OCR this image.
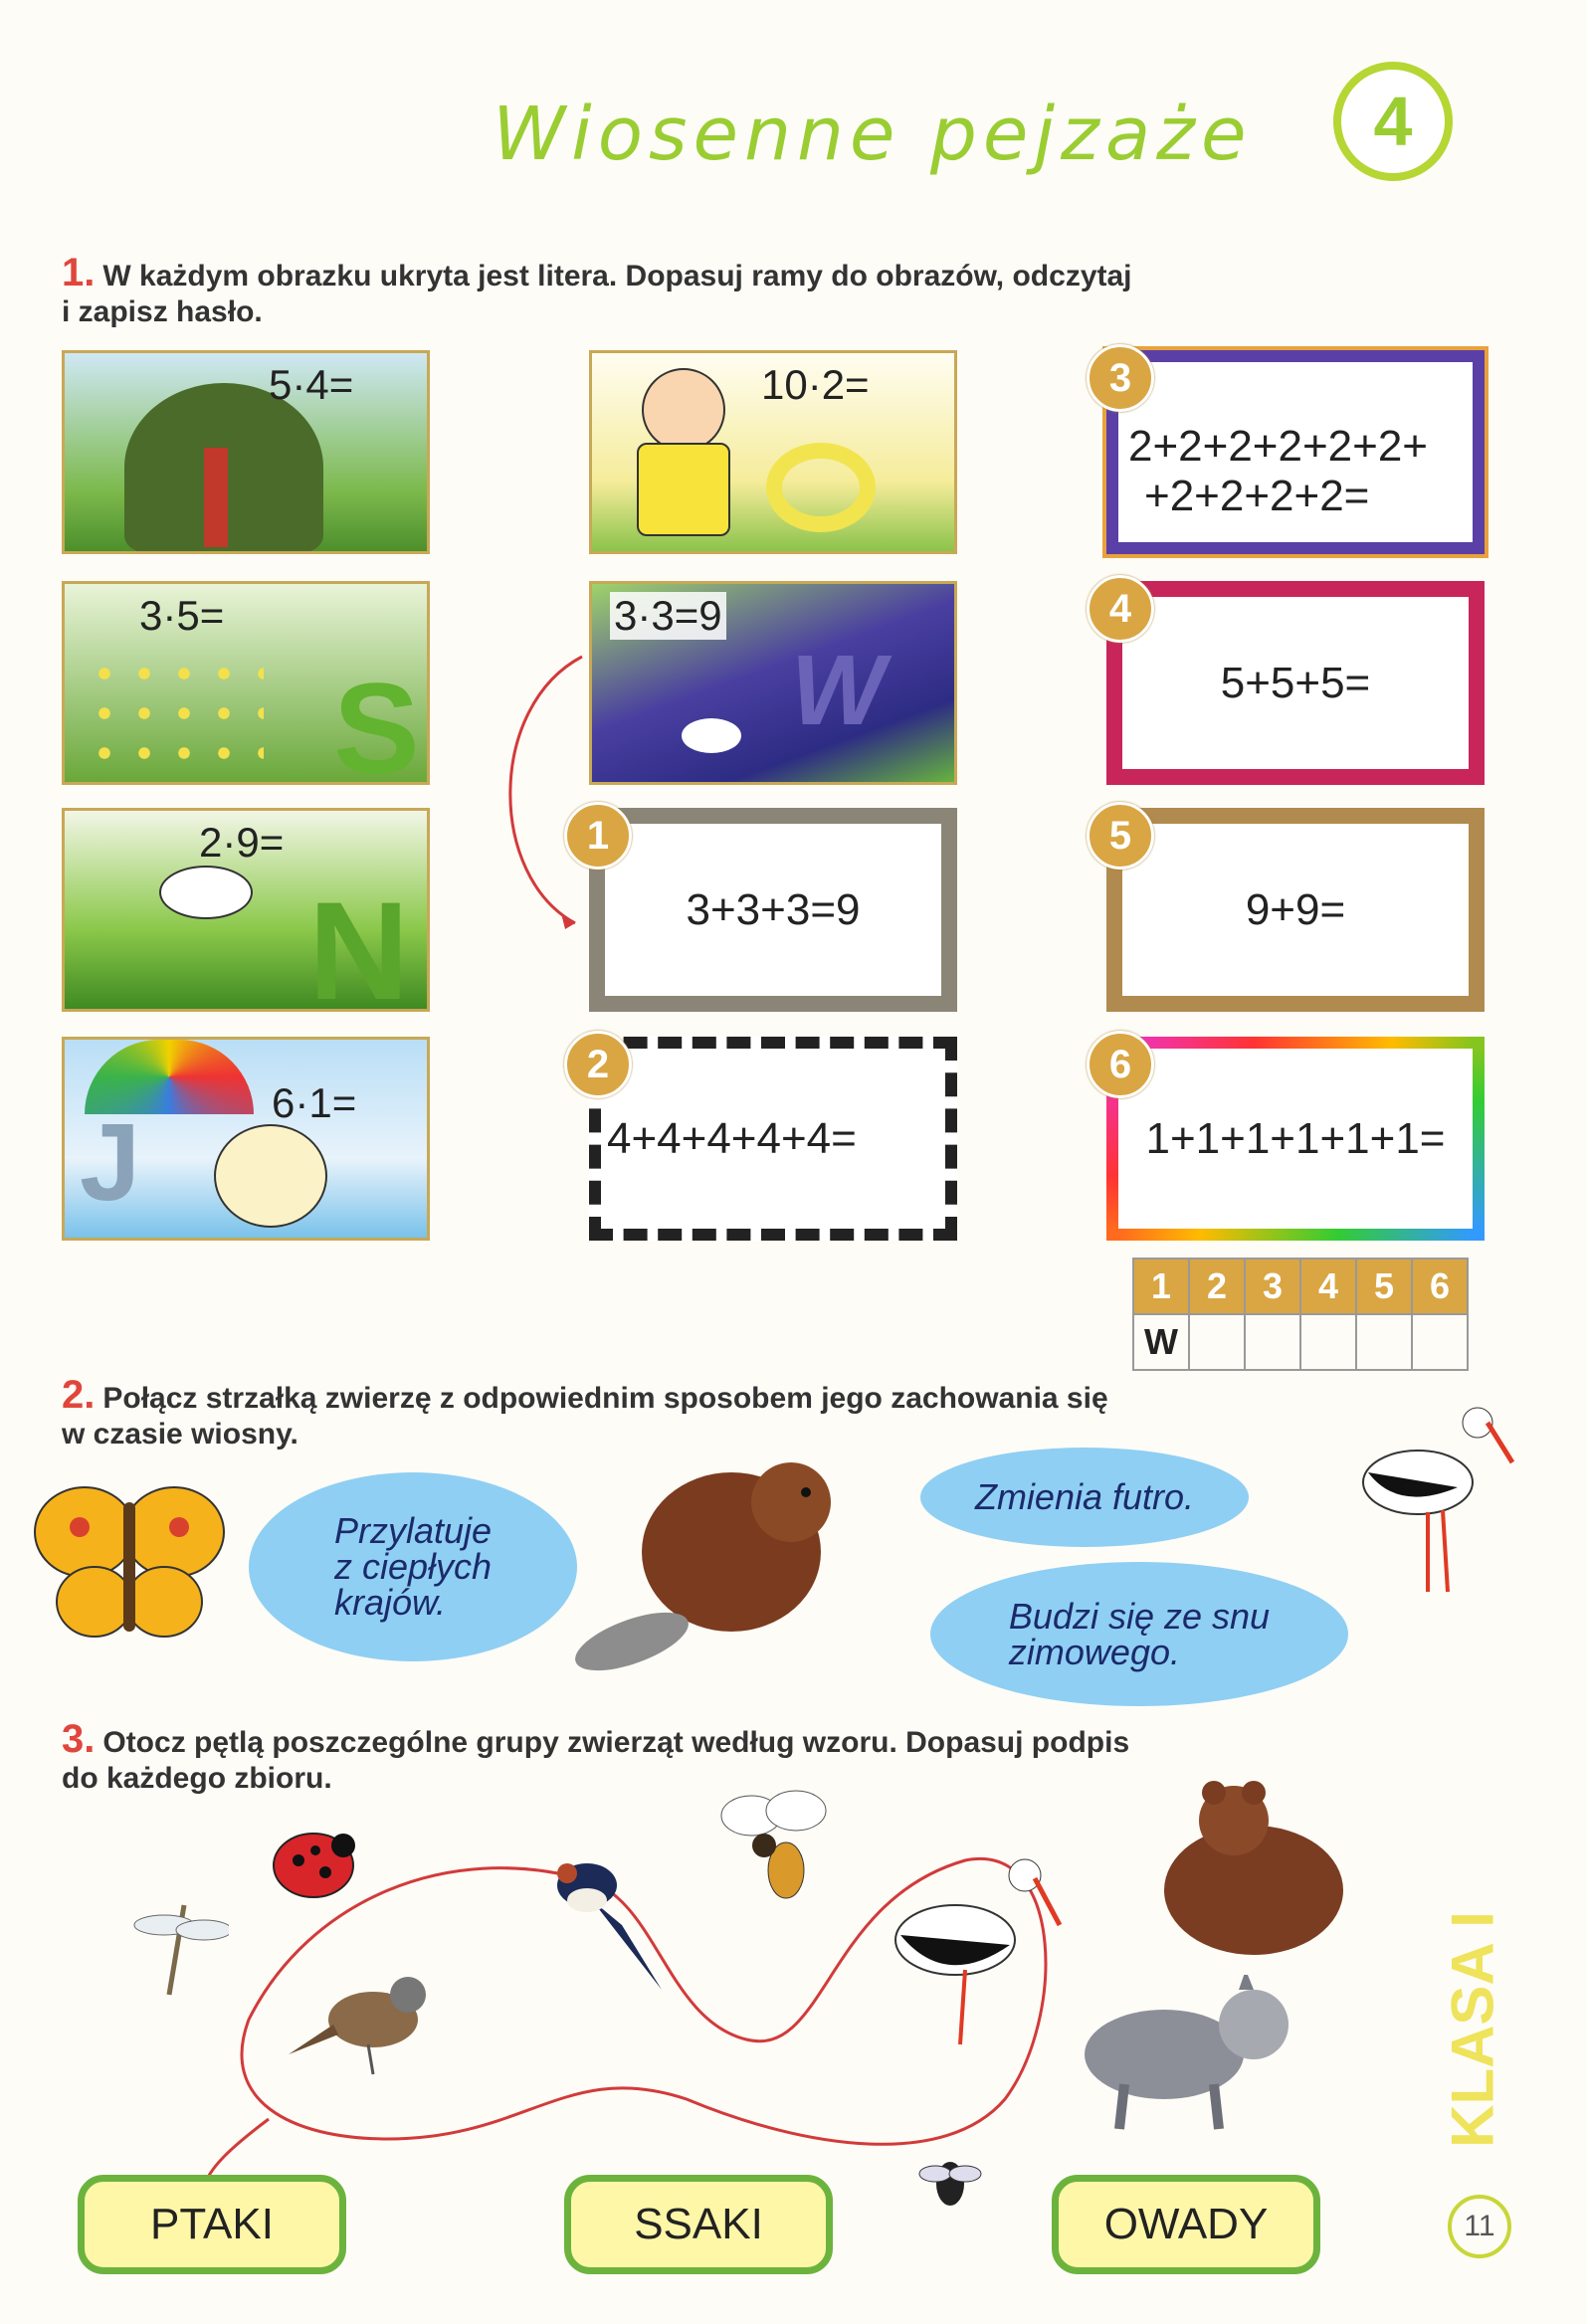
Wiosenne pejzaże	4
1. W każdym obrazku ukryta jest litera. Dopasuj ramy do obrazów, odczytaj
i zapisz hasło.
5·4=
S
3·5=
N
2·9=
J	6·1=
10·2=
W
3·3=9
3+3+3=9
1
4+4+4+4+4=
2
2+2+2+2+2+2+
+2+2+2+2=
3
5+5+5=
4
9+9=
5
1+1+1+1+1+1=
6
1	2	3	4	5	6
W					
2. Połącz strzałką zwierzę z odpowiednim sposobem jego zachowania się
w czasie wiosny.
Przylatuje
z ciepłych
krajów.
Zmienia futro.
Budzi się ze snu
zimowego.
3. Otocz pętlą poszczególne grupy zwierząt według wzoru. Dopasuj podpis
do każdego zbioru.
PTAKI	SSAKI	OWADY
KLASA I
11
